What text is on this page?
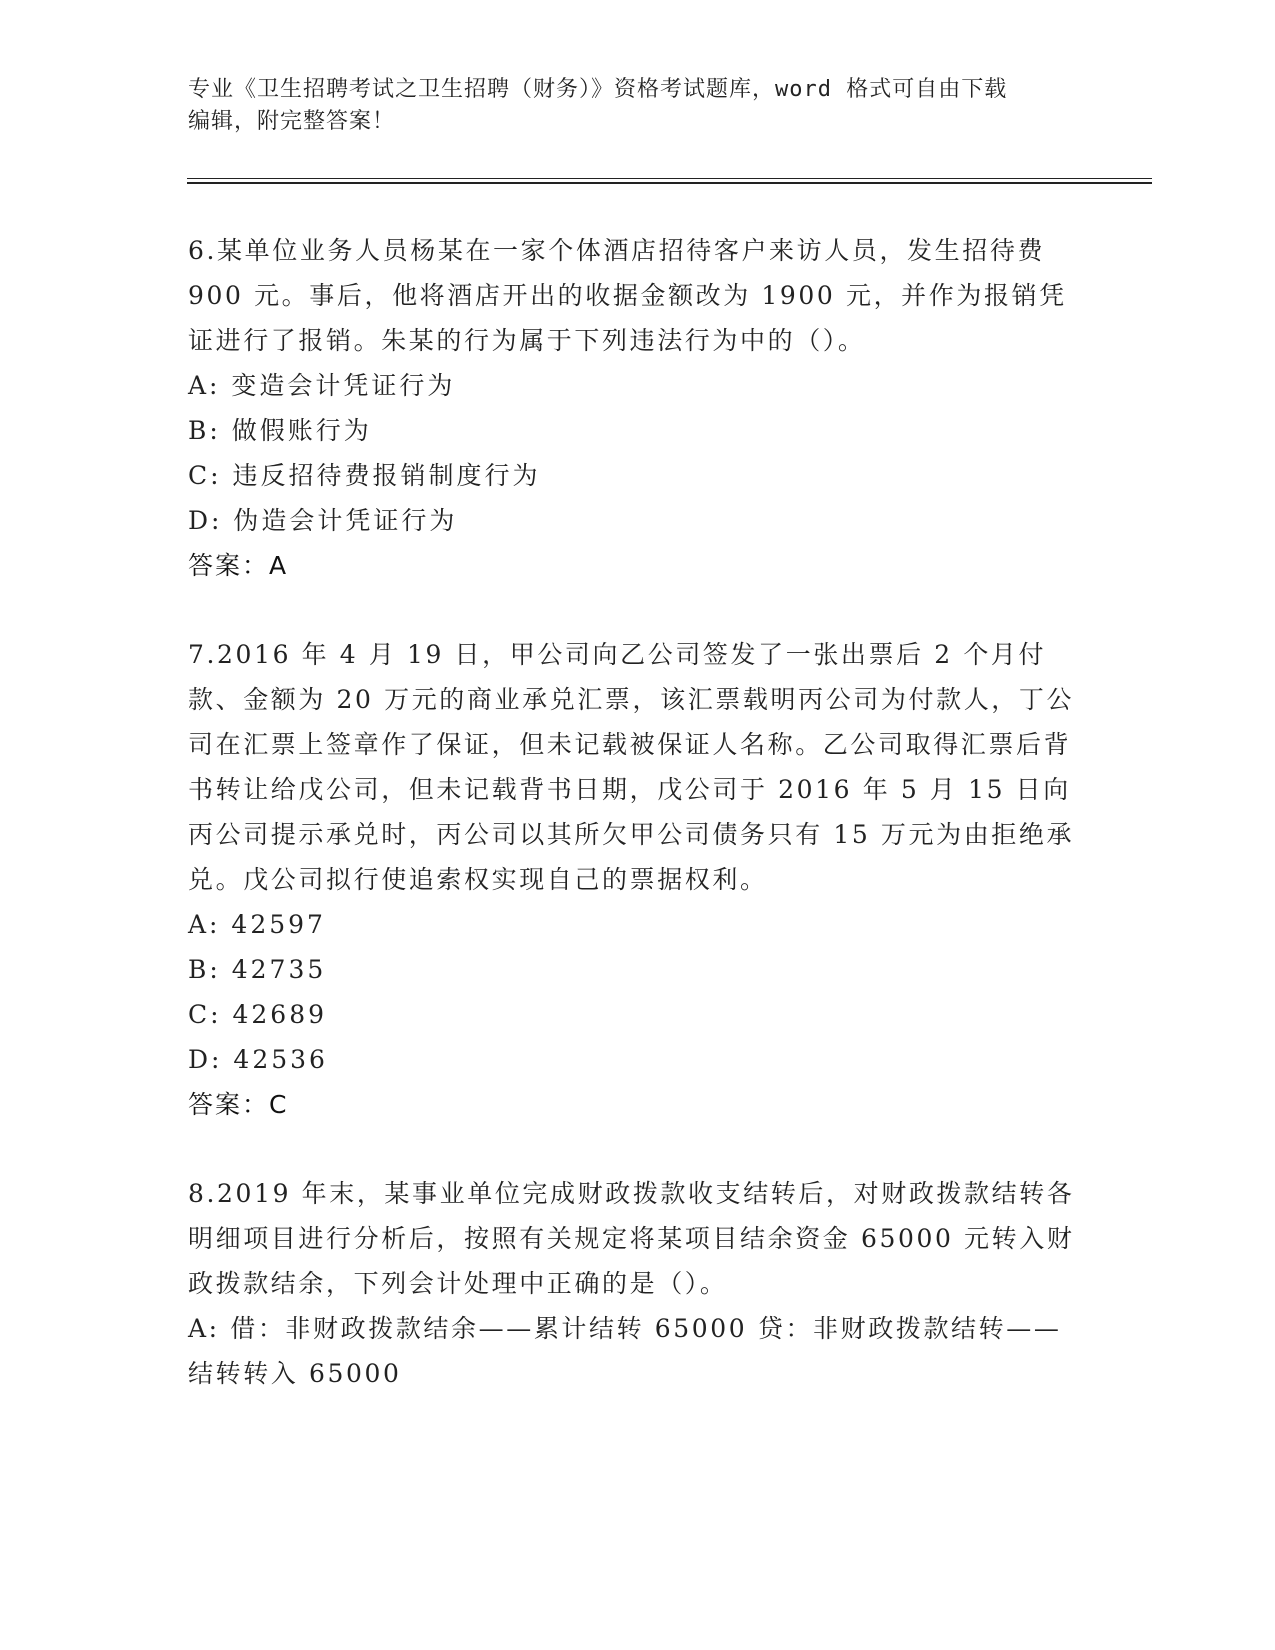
专业《卫生招聘考试之卫生招聘（财务）》资格考试题库，word 格式可自由下载
编辑，附完整答案！

6.某单位业务人员杨某在一家个体酒店招待客户来访人员，发生招待费 900 元。事后，他将酒店开出的收据金额改为 1900 元，并作为报销凭证进行了报销。朱某的行为属于下列违法行为中的（）。

A: 变造会计凭证行为
B: 做假账行为
C: 违反招待费报销制度行为
D: 伪造会计凭证行为
答案：A

7.2016 年 4 月 19 日，甲公司向乙公司签发了一张出票后 2 个月付款、金额为 20 万元的商业承兑汇票，该汇票载明丙公司为付款人，丁公司在汇票上签章作了保证，但未记载被保证人名称。乙公司取得汇票后背书转让给戊公司，但未记载背书日期，戊公司于 2016 年 5 月 15 日向丙公司提示承兑时，丙公司以其所欠甲公司债务只有 15 万元为由拒绝承兑。戊公司拟行使追索权实现自己的票据权利。

A: 42597
B: 42735
C: 42689
D: 42536
答案：C

8.2019 年末，某事业单位完成财政拨款收支结转后，对财政拨款结转各明细项目进行分析后，按照有关规定将某项目结余资金 65000 元转入财政拨款结余，下列会计处理中正确的是（）。

A: 借：非财政拨款结余——累计结转 65000 贷：非财政拨款结转——结转转入 65000
